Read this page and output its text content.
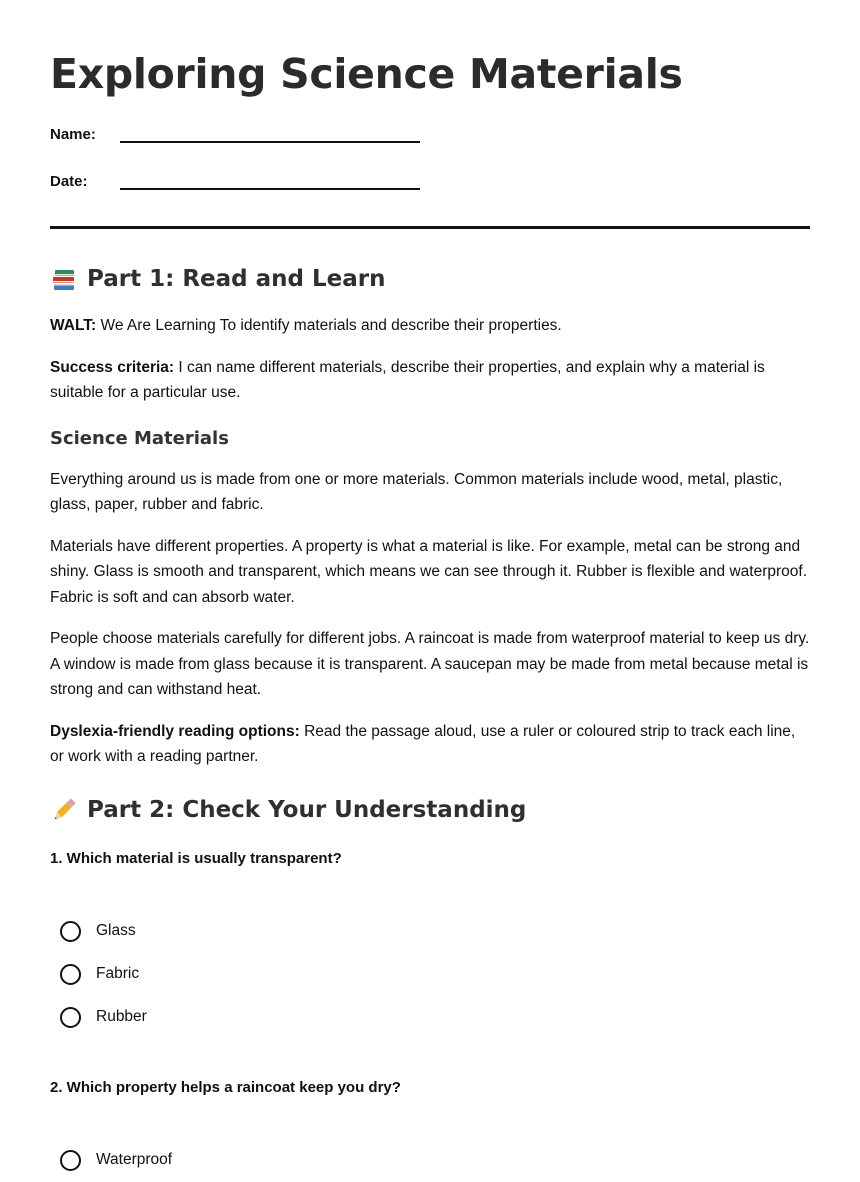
Exploring Science Materials
Name:
Date:
Part 1: Read and Learn

WALT: We Are Learning To identify materials and describe their properties.

Success criteria: I can name different materials, describe their properties, and explain why a material is suitable for a particular use.

Science Materials

Everything around us is made from one or more materials. Common materials include wood, metal, plastic, glass, paper, rubber and fabric.

Materials have different properties. A property is what a material is like. For example, metal can be strong and shiny. Glass is smooth and transparent, which means we can see through it. Rubber is flexible and waterproof. Fabric is soft and can absorb water.

People choose materials carefully for different jobs. A raincoat is made from waterproof material to keep us dry. A window is made from glass because it is transparent. A saucepan may be made from metal because metal is strong and can withstand heat.

Dyslexia-friendly reading options: Read the passage aloud, use a ruler or coloured strip to track each line, or work with a reading partner.

Part 2: Check Your Understanding
1. Which material is usually transparent?
Glass
Fabric
Rubber
2. Which property helps a raincoat keep you dry?
Waterproof
